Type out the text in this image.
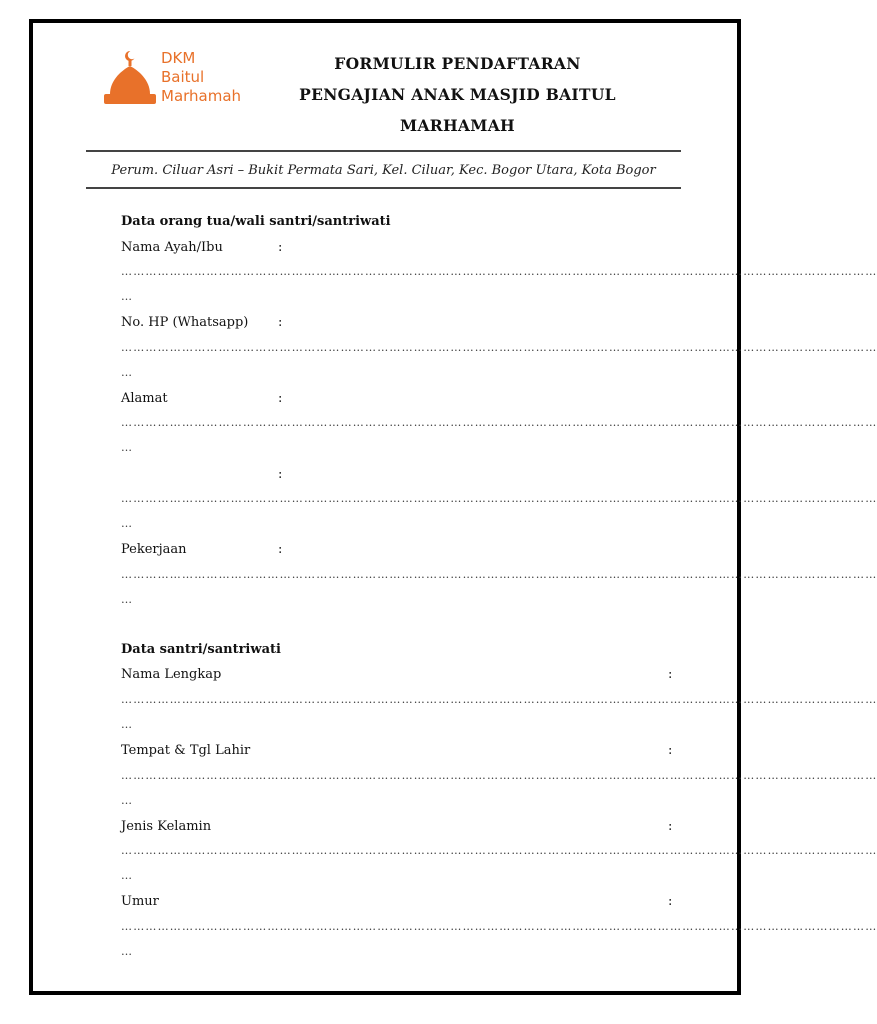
DKM
Baitul
Marhamah
FORMULIR PENDAFTARAN
PENGAJIAN ANAK MASJID BAITUL
MARHAMAH
Perum. Ciluar Asri – Bukit Permata Sari, Kel. Ciluar, Kec. Bogor Utara, Kota Bogor
Data orang tua/wali santri/santriwati
Nama Ayah/Ibu	:
……………………………………………………………………………………………………………………………………………………………………
…
No. HP (Whatsapp) :
……………………………………………………………………………………………………………………………………………………………………
…
Alamat	:
……………………………………………………………………………………………………………………………………………………………………
…
:
……………………………………………………………………………………………………………………………………………………………………
…
Pekerjaan	:
……………………………………………………………………………………………………………………………………………………………………
…
Data santri/santriwati
Nama Lengkap	:
……………………………………………………………………………………………………………………………………………………………………
…
Tempat & Tgl Lahir	:
……………………………………………………………………………………………………………………………………………………………………
…
Jenis Kelamin	:
……………………………………………………………………………………………………………………………………………………………………
…
Umur	:
……………………………………………………………………………………………………………………………………………………………………
…
